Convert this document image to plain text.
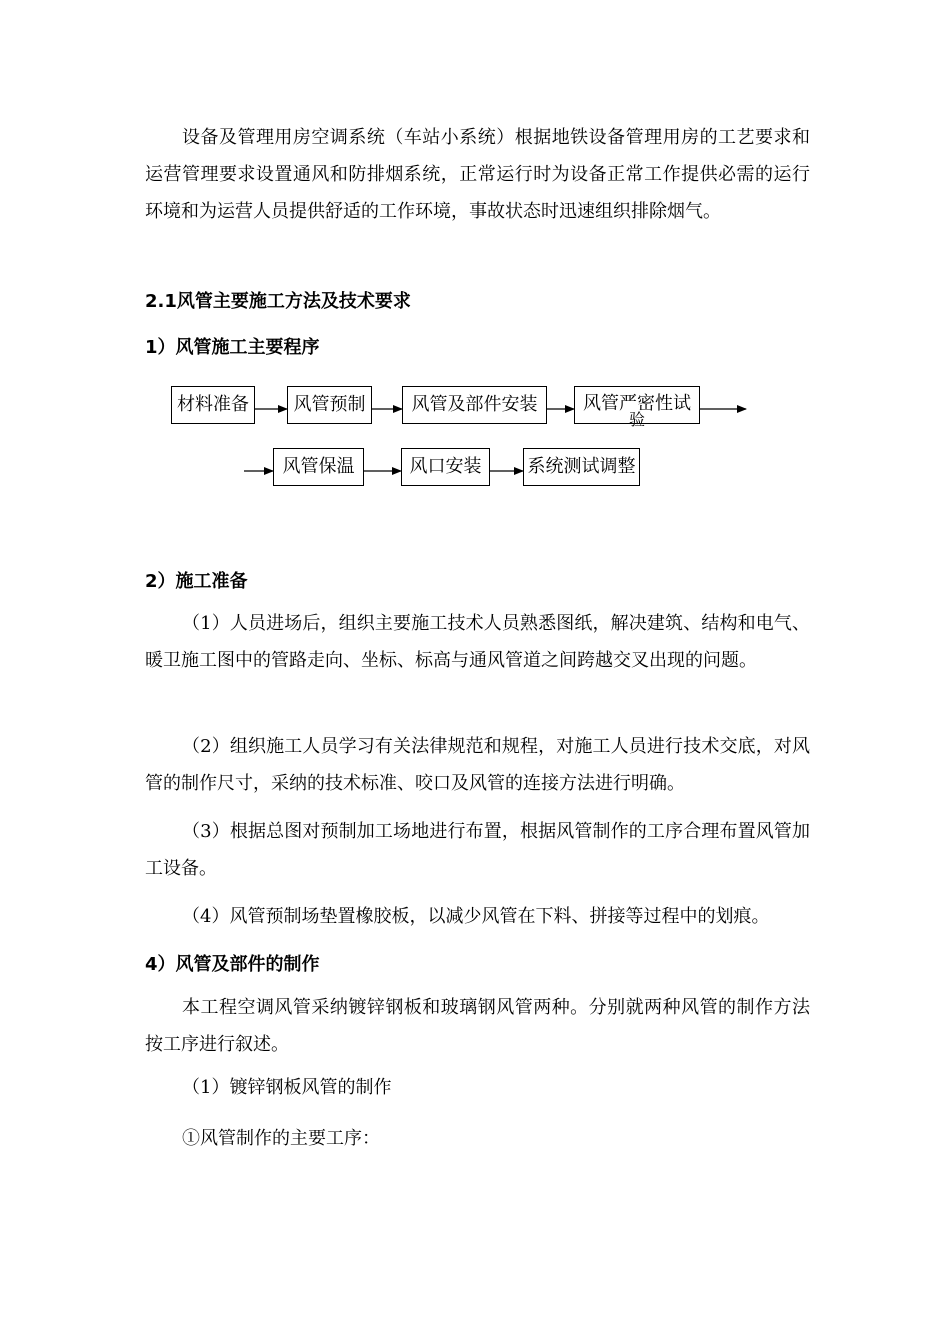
设备及管理用房空调系统（车站小系统）根据地铁设备管理用房的工艺要求和运营管理要求设置通风和防排烟系统，正常运行时为设备正常工作提供必需的运行环境和为运营人员提供舒适的工作环境，事故状态时迅速组织排除烟气。
2.1风管主要施工方法及技术要求
1）风管施工主要程序
材料准备	风管预制	风管及部件安装	风管严密性试
验
风管保温	风口安装	系统测试调整
2）施工准备
（1）人员进场后，组织主要施工技术人员熟悉图纸，解决建筑、结构和电气、暖卫施工图中的管路走向、坐标、标高与通风管道之间跨越交叉出现的问题。
（2）组织施工人员学习有关法律规范和规程，对施工人员进行技术交底，对风管的制作尺寸，采纳的技术标准、咬口及风管的连接方法进行明确。
（3）根据总图对预制加工场地进行布置，根据风管制作的工序合理布置风管加工设备。
（4）风管预制场垫置橡胶板，以减少风管在下料、拼接等过程中的划痕。
4）风管及部件的制作
本工程空调风管采纳镀锌钢板和玻璃钢风管两种。分别就两种风管的制作方法按工序进行叙述。
（1）镀锌钢板风管的制作
①风管制作的主要工序：
